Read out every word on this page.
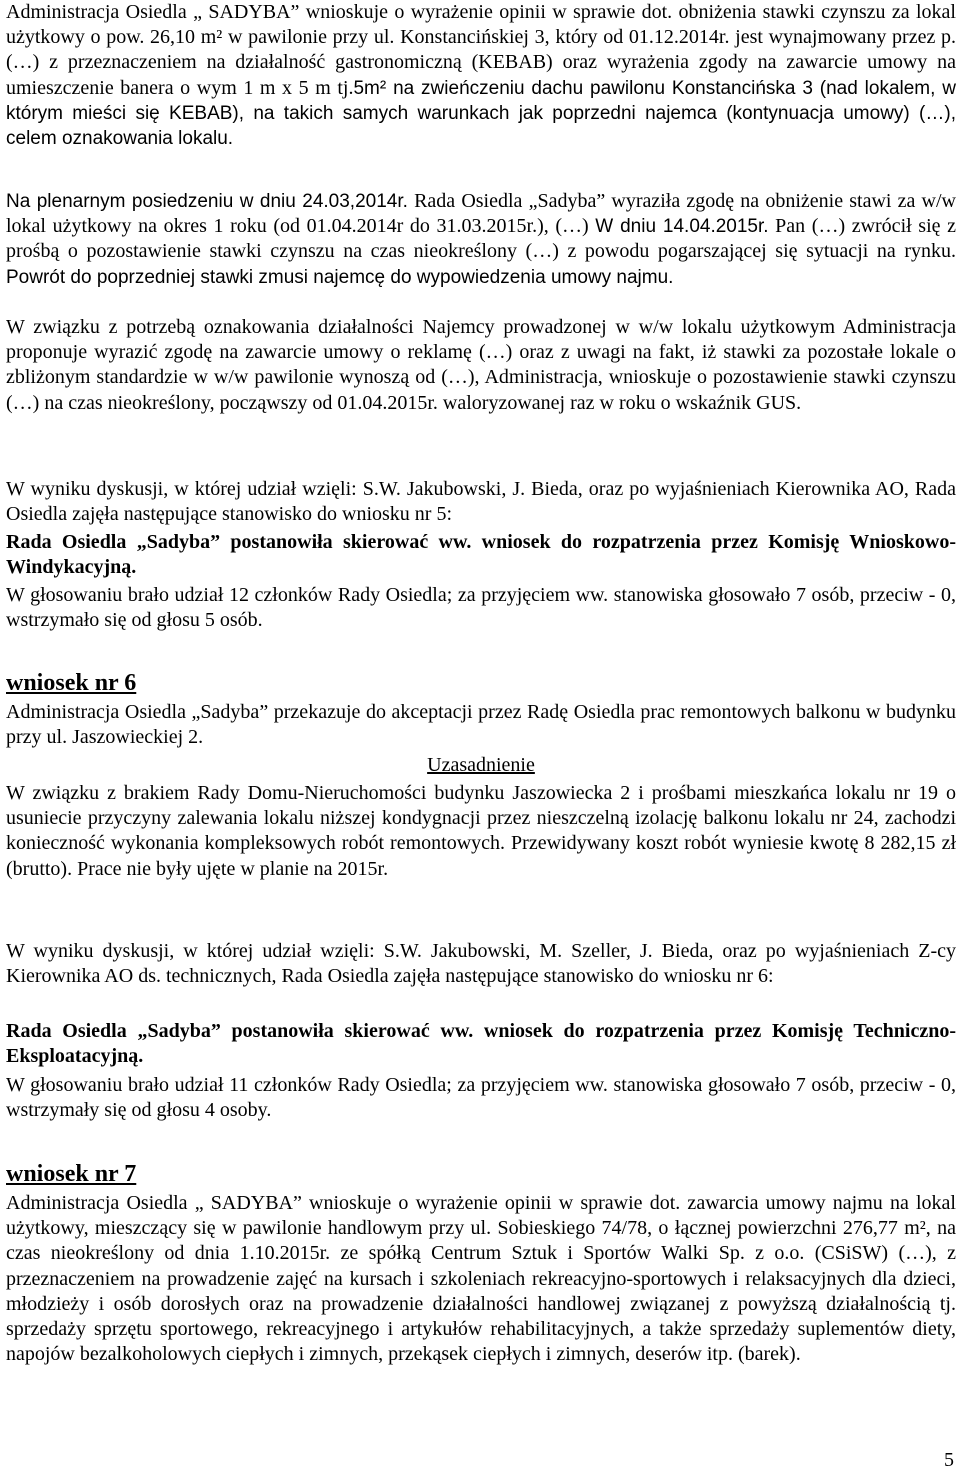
Administracja Osiedla „ SADYBA” wnioskuje o wyrażenie opinii w sprawie dot. obniżenia stawki czynszu za lokal użytkowy o pow. 26,10 m² w pawilonie przy ul. Konstancińskiej 3, który od 01.12.2014r. jest wynajmowany przez p. (…) z przeznaczeniem na działalność gastronomiczną (KEBAB) oraz wyrażenia zgody na zawarcie umowy na umieszczenie banera o wym 1 m x 5 m tj.5m² na zwieńczeniu dachu pawilonu Konstancińska 3 (nad lokalem, w którym mieści się KEBAB), na takich samych warunkach jak poprzedni najemca (kontynuacja umowy) (…), celem oznakowania lokalu.

Na plenarnym posiedzeniu w dniu 24.03,2014r. Rada Osiedla „Sadyba” wyraziła zgodę na obniżenie stawi za w/w lokal użytkowy na okres 1 roku (od 01.04.2014r do 31.03.2015r.), (…) W dniu 14.04.2015r. Pan (…) zwrócił się z prośbą o pozostawienie stawki czynszu na czas nieokreślony (…) z powodu pogarszającej się sytuacji na rynku. Powrót do poprzedniej stawki zmusi najemcę do wypowiedzenia umowy najmu.

W związku z potrzebą oznakowania działalności Najemcy prowadzonej w w/w lokalu użytkowym Administracja proponuje wyrazić zgodę na zawarcie umowy o reklamę (…) oraz z uwagi na fakt, iż stawki za pozostałe lokale o zbliżonym standardzie w w/w pawilonie wynoszą od (…), Administracja, wnioskuje o pozostawienie stawki czynszu (…) na czas nieokreślony, począwszy od 01.04.2015r. waloryzowanej raz w roku o wskaźnik GUS.

W wyniku dyskusji, w której udział wzięli: S.W. Jakubowski, J. Bieda, oraz po wyjaśnieniach Kierownika AO, Rada Osiedla zajęła następujące stanowisko do wniosku nr 5:

Rada Osiedla „Sadyba” postanowiła skierować ww. wniosek do rozpatrzenia przez Komisję Wnioskowo-Windykacyjną.

W głosowaniu brało udział 12 członków Rady Osiedla; za przyjęciem ww. stanowiska głosowało 7 osób, przeciw - 0, wstrzymało się od głosu 5 osób.

wniosek nr 6

Administracja Osiedla „Sadyba” przekazuje do akceptacji przez Radę Osiedla prac remontowych balkonu w budynku przy ul. Jaszowieckiej 2.

Uzasadnienie

W związku z brakiem Rady Domu-Nieruchomości budynku Jaszowiecka 2 i prośbami mieszkańca lokalu nr 19 o usuniecie przyczyny zalewania lokalu niższej kondygnacji przez nieszczelną izolację balkonu lokalu nr 24, zachodzi konieczność wykonania kompleksowych robót remontowych. Przewidywany koszt robót wyniesie kwotę 8 282,15 zł (brutto). Prace nie były ujęte w planie na 2015r.

W wyniku dyskusji, w której udział wzięli: S.W. Jakubowski, M. Szeller, J. Bieda, oraz po wyjaśnieniach Z-cy Kierownika AO ds. technicznych, Rada Osiedla zajęła następujące stanowisko do wniosku nr 6:

Rada Osiedla „Sadyba” postanowiła skierować ww. wniosek do rozpatrzenia przez Komisję Techniczno-Eksploatacyjną.

W głosowaniu brało udział 11 członków Rady Osiedla; za przyjęciem ww. stanowiska głosowało 7 osób, przeciw - 0, wstrzymały się od głosu 4 osoby.

wniosek nr 7

Administracja Osiedla „ SADYBA” wnioskuje o wyrażenie opinii w sprawie dot. zawarcia umowy najmu na lokal użytkowy, mieszczący się w pawilonie handlowym przy ul. Sobieskiego 74/78, o łącznej powierzchni 276,77 m², na czas nieokreślony od dnia 1.10.2015r. ze spółką Centrum Sztuk i Sportów Walki Sp. z o.o. (CSiSW) (…), z przeznaczeniem na prowadzenie zajęć na kursach i szkoleniach rekreacyjno-sportowych i relaksacyjnych dla dzieci, młodzieży i osób dorosłych oraz na prowadzenie działalności handlowej związanej z powyższą działalnością tj. sprzedaży sprzętu sportowego, rekreacyjnego i artykułów rehabilitacyjnych, a także sprzedaży suplementów diety, napojów bezalkoholowych ciepłych i zimnych, przekąsek ciepłych i zimnych, deserów itp. (barek).

5
